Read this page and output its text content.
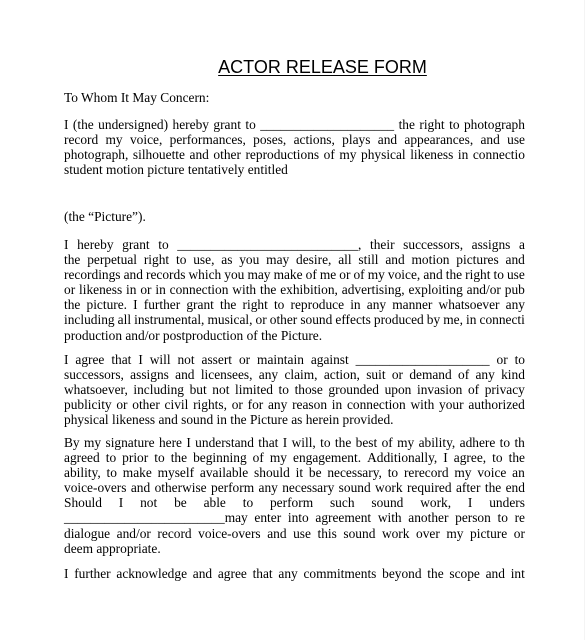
ACTOR RELEASE FORM
To Whom It May Concern:
I (the undersigned) hereby grant to ____________________ the right to photograph
record my voice, performances, poses, actions, plays and appearances, and use
photograph, silhouette and other reproductions of my physical likeness in connectio
student motion picture tentatively entitled
(the “Picture”).
I hereby grant to ___________________________, their successors, assigns a
the perpetual right to use, as you may desire, all still and motion pictures and
recordings and records which you may make of me or of my voice, and the right to use
or likeness in or in connection with the exhibition, advertising, exploiting and/or pub
the picture. I further grant the right to reproduce in any manner whatsoever any
including all instrumental, musical, or other sound effects produced by me, in connecti
production and/or postproduction of the Picture.
I agree that I will not assert or maintain against ____________________ or to
successors, assigns and licensees, any claim, action, suit or demand of any kind
whatsoever, including but not limited to those grounded upon invasion of privacy
publicity or other civil rights, or for any reason in connection with your authorized
physical likeness and sound in the Picture as herein provided.
By my signature here I understand that I will, to the best of my ability, adhere to th
agreed to prior to the beginning of my engagement. Additionally, I agree, to the
ability, to make myself available should it be necessary, to rerecord my voice an
voice-overs and otherwise perform any necessary sound work required after the end
Should I not be able to perform such sound work, I unders
________________________may enter into agreement with another person to re
dialogue and/or record voice-overs and use this sound work over my picture or
deem appropriate.
I further acknowledge and agree that any commitments beyond the scope and int
